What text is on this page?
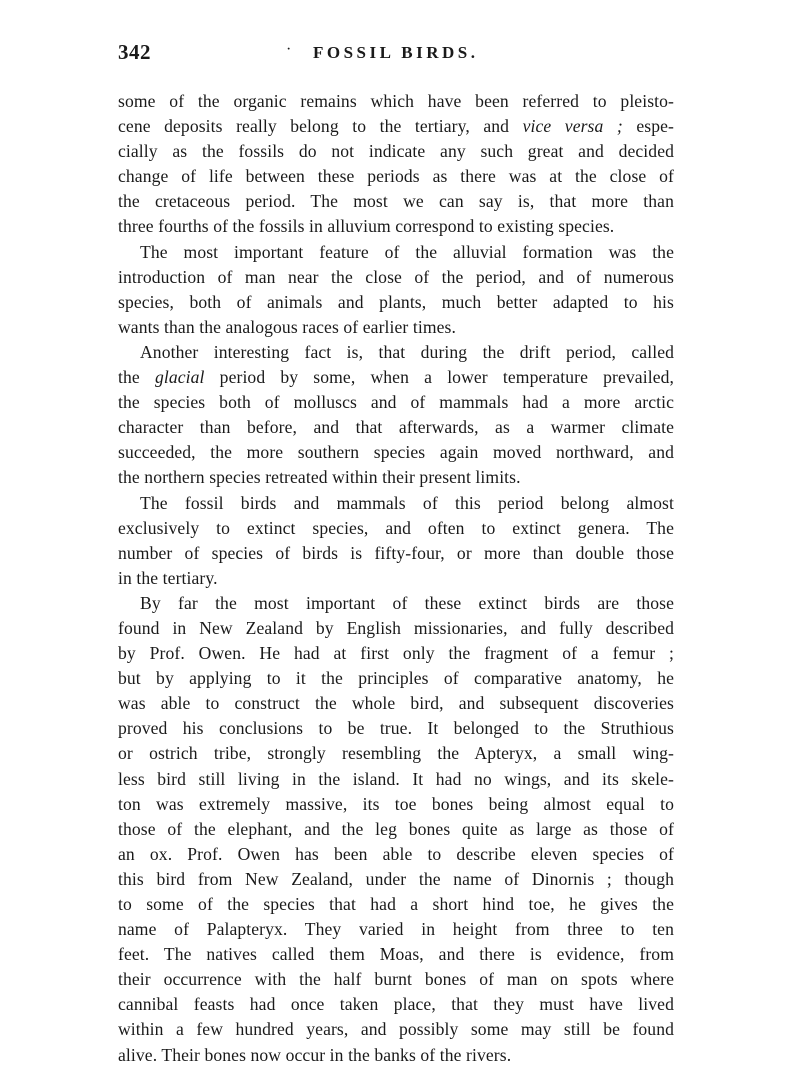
342	· FOSSIL BIRDS.
some of the organic remains which have been referred to pleisto-
cene deposits really belong to the tertiary, and vice versa ; espe-
cially as the fossils do not indicate any such great and decided
change of life between these periods as there was at the close of
the cretaceous period. The most we can say is, that more than
three fourths of the fossils in alluvium correspond to existing species.
The most important feature of the alluvial formation was the
introduction of man near the close of the period, and of numerous
species, both of animals and plants, much better adapted to his
wants than the analogous races of earlier times.
Another interesting fact is, that during the drift period, called
the glacial period by some, when a lower temperature prevailed,
the species both of molluscs and of mammals had a more arctic
character than before, and that afterwards, as a warmer climate
succeeded, the more southern species again moved northward, and
the northern species retreated within their present limits.
The fossil birds and mammals of this period belong almost
exclusively to extinct species, and often to extinct genera. The
number of species of birds is fifty-four, or more than double those
in the tertiary.
By far the most important of these extinct birds are those
found in New Zealand by English missionaries, and fully described
by Prof. Owen. He had at first only the fragment of a femur ;
but by applying to it the principles of comparative anatomy, he
was able to construct the whole bird, and subsequent discoveries
proved his conclusions to be true. It belonged to the Struthious
or ostrich tribe, strongly resembling the Apteryx, a small wing-
less bird still living in the island. It had no wings, and its skele-
ton was extremely massive, its toe bones being almost equal to
those of the elephant, and the leg bones quite as large as those of
an ox. Prof. Owen has been able to describe eleven species of
this bird from New Zealand, under the name of Dinornis ; though
to some of the species that had a short hind toe, he gives the
name of Palapteryx. They varied in height from three to ten
feet. The natives called them Moas, and there is evidence, from
their occurrence with the half burnt bones of man on spots where
cannibal feasts had once taken place, that they must have lived
within a few hundred years, and possibly some may still be found
alive. Their bones now occur in the banks of the rivers.
